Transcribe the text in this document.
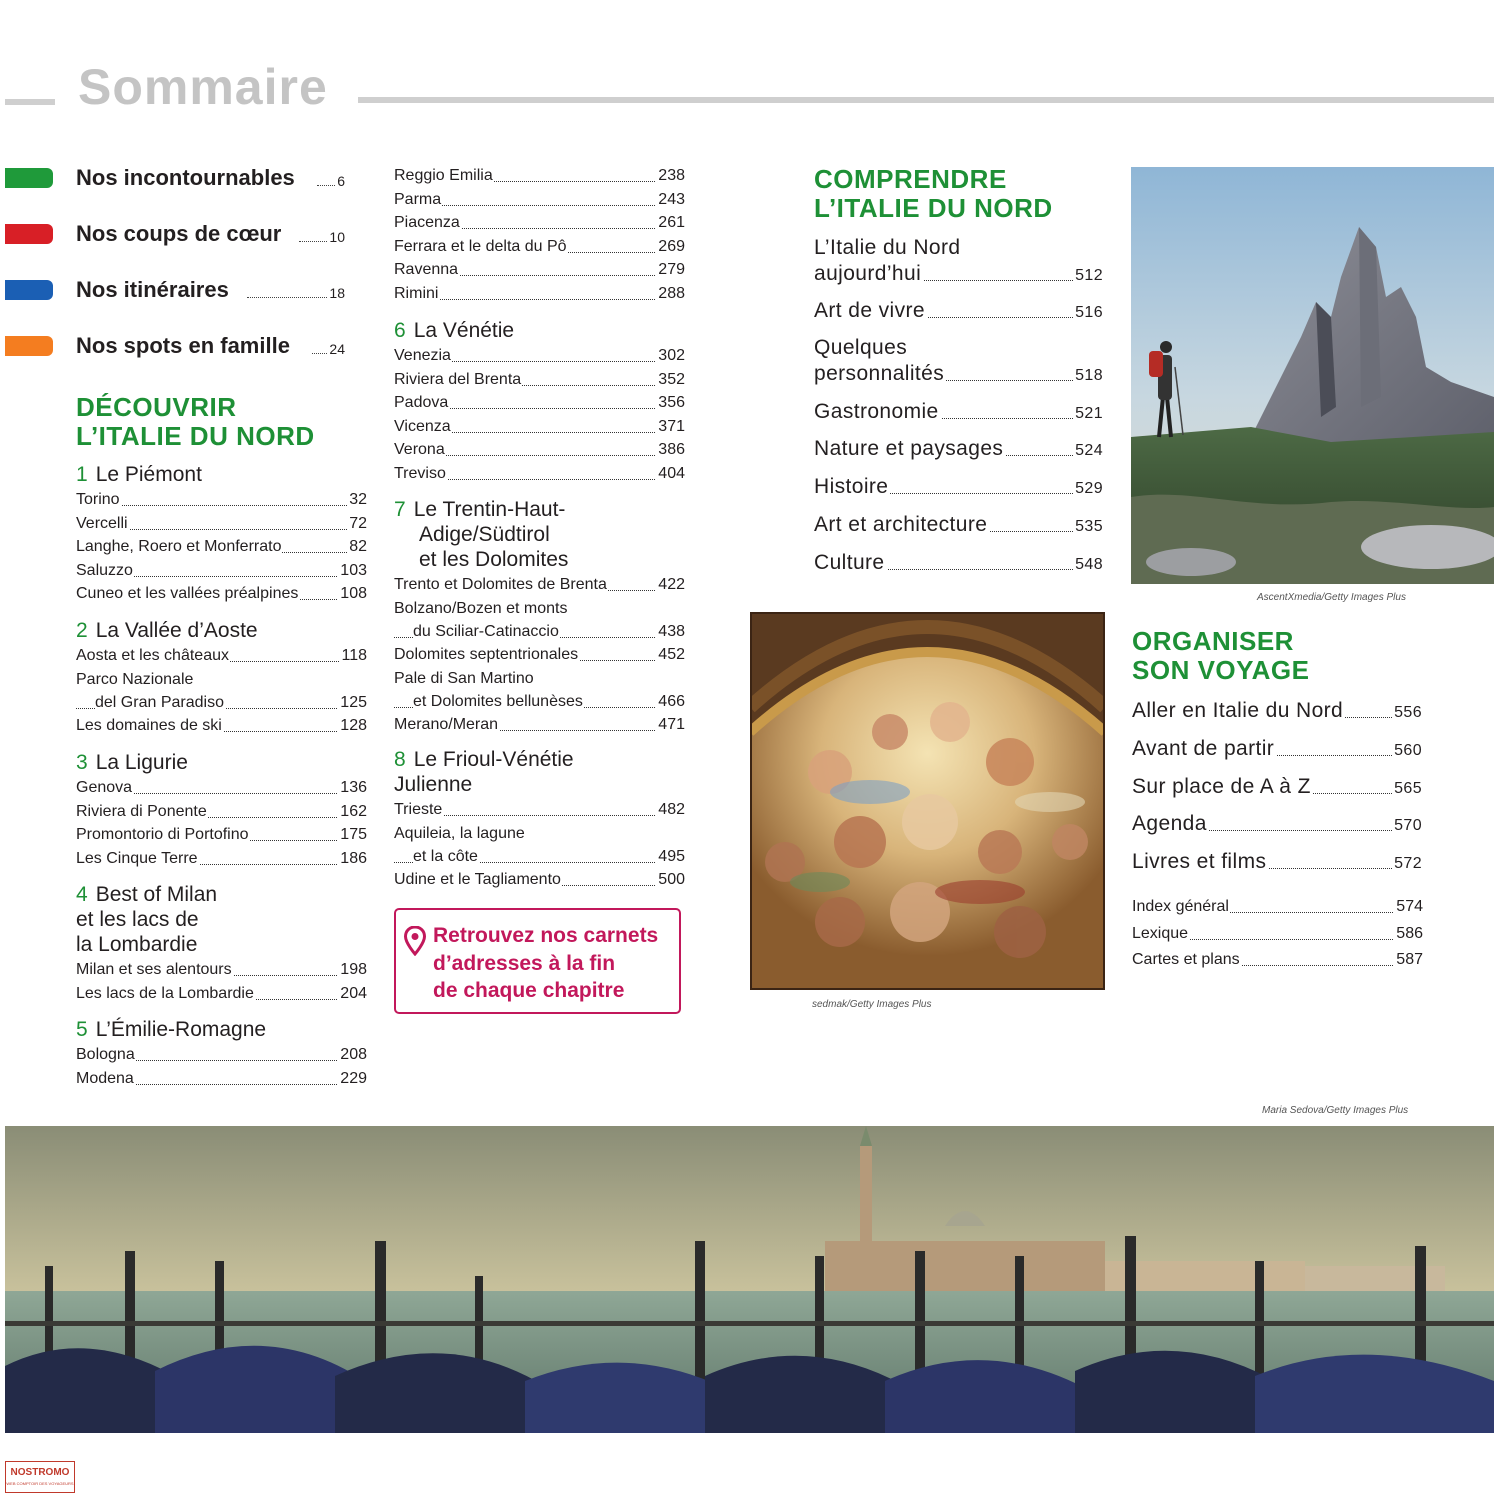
Sommaire
Nos incontournables	6
Nos coups de cœur	10
Nos itinéraires	18
Nos spots en famille	24
DÉCOUVRIR
L’ITALIE DU NORD
1 Le Piémont
Torino	32
Vercelli	72
Langhe, Roero et Monferrato	82
Saluzzo	103
Cuneo et les vallées préalpines	108
2 La Vallée d’Aoste
Aosta et les châteaux	118
Parco Nazionale
del Gran Paradiso	125
Les domaines de ski	128
3 La Ligurie
Genova	136
Riviera di Ponente	162
Promontorio di Portofino	175
Les Cinque Terre	186
4 Best of Milan
et les lacs de
la Lombardie
Milan et ses alentours	198
Les lacs de la Lombardie	204
5 L’Émilie-Romagne
Bologna	208
Modena	229
Reggio Emilia	238
Parma	243
Piacenza	261
Ferrara et le delta du Pô	269
Ravenna	279
Rimini	288
6 La Vénétie
Venezia	302
Riviera del Brenta	352
Padova	356
Vicenza	371
Verona	386
Treviso	404
7 Le Trentin-Haut-
Adige/Südtirol
et les Dolomites
Trento et Dolomites de Brenta	422
Bolzano/Bozen et monts
du Sciliar-Catinaccio	438
Dolomites septentrionales	452
Pale di San Martino
et Dolomites bellunèses	466
Merano/Meran	471
8 Le Frioul-Vénétie
Julienne
Trieste	482
Aquileia, la lagune
et la côte	495
Udine et le Tagliamento	500
Retrouvez nos carnets
d’adresses à la fin
de chaque chapitre
COMPRENDRE
L’ITALIE DU NORD
L’Italie du Nord
aujourd’hui	512
Art de vivre	516
Quelques
personnalités	518
Gastronomie	521
Nature et paysages	524
Histoire	529
Art et architecture	535
Culture	548
AscentXmedia/Getty Images Plus
sedmak/Getty Images Plus
ORGANISER
SON VOYAGE
Aller en Italie du Nord	556
Avant de partir	560
Sur place de A à Z	565
Agenda	570
Livres et films	572
Index général	574
Lexique	586
Cartes et plans	587
Maria Sedova/Getty Images Plus
NOSTROMO
WEB COMPTOIR DES VOYAGEURS
